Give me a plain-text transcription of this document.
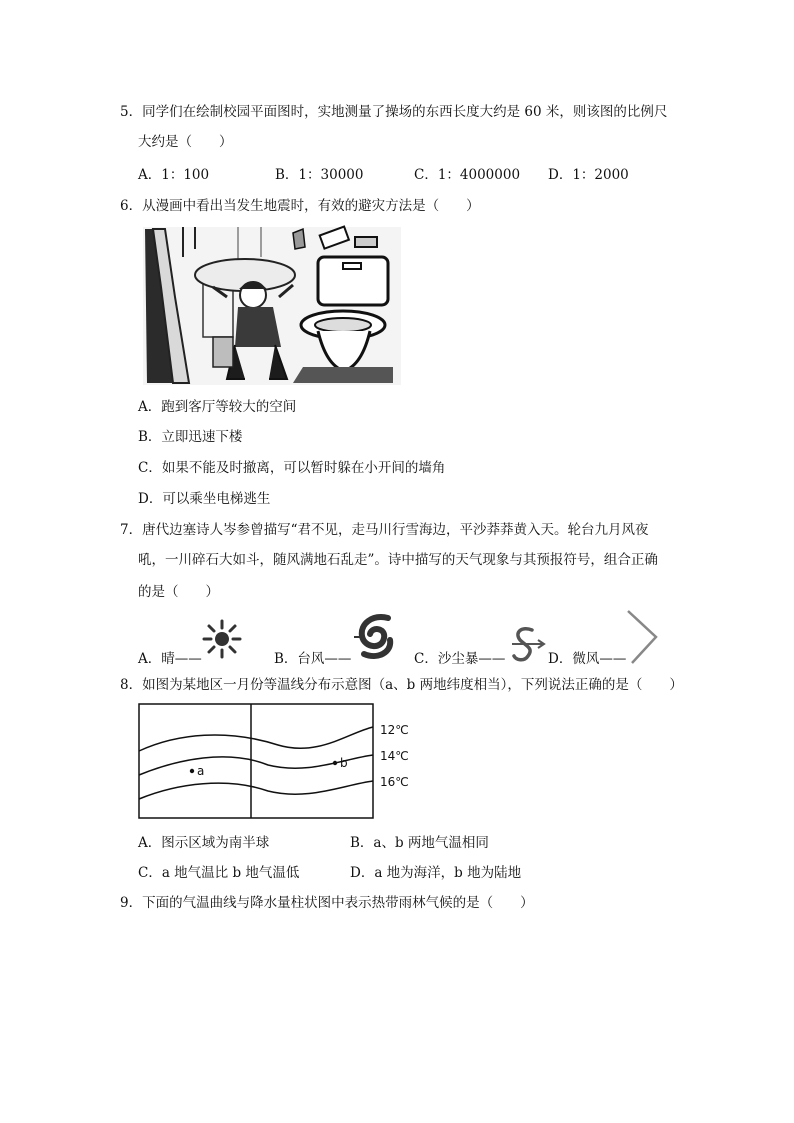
5．同学们在绘制校园平面图时，实地测量了操场的东西长度大约是 60 米，则该图的比例尺
大约是（　　）
A．1：100	B．1：30000	C．1：4000000 D．1：2000
6．从漫画中看出当发生地震时，有效的避灾方法是（　　）
A．跑到客厅等较大的空间
B．立即迅速下楼
C．如果不能及时撤离，可以暂时躲在小开间的墙角
D．可以乘坐电梯逃生
7．唐代边塞诗人岑参曾描写“君不见，走马川行雪海边，平沙莽莽黄入天。轮台九月风夜
吼，一川碎石大如斗，随风满地石乱走”。诗中描写的天气现象与其预报符号，组合正确
的是（　　）
A．晴——	B．台风——	C．沙尘暴——	D．微风——
8．如图为某地区一月份等温线分布示意图（a、b 两地纬度相当），下列说法正确的是（　　）
a
b
12℃
14℃
16℃
A．图示区域为南半球	B．a、b 两地气温相同
C．a 地气温比 b 地气温低	D．a 地为海洋，b 地为陆地
9．下面的气温曲线与降水量柱状图中表示热带雨林气候的是（　　）
